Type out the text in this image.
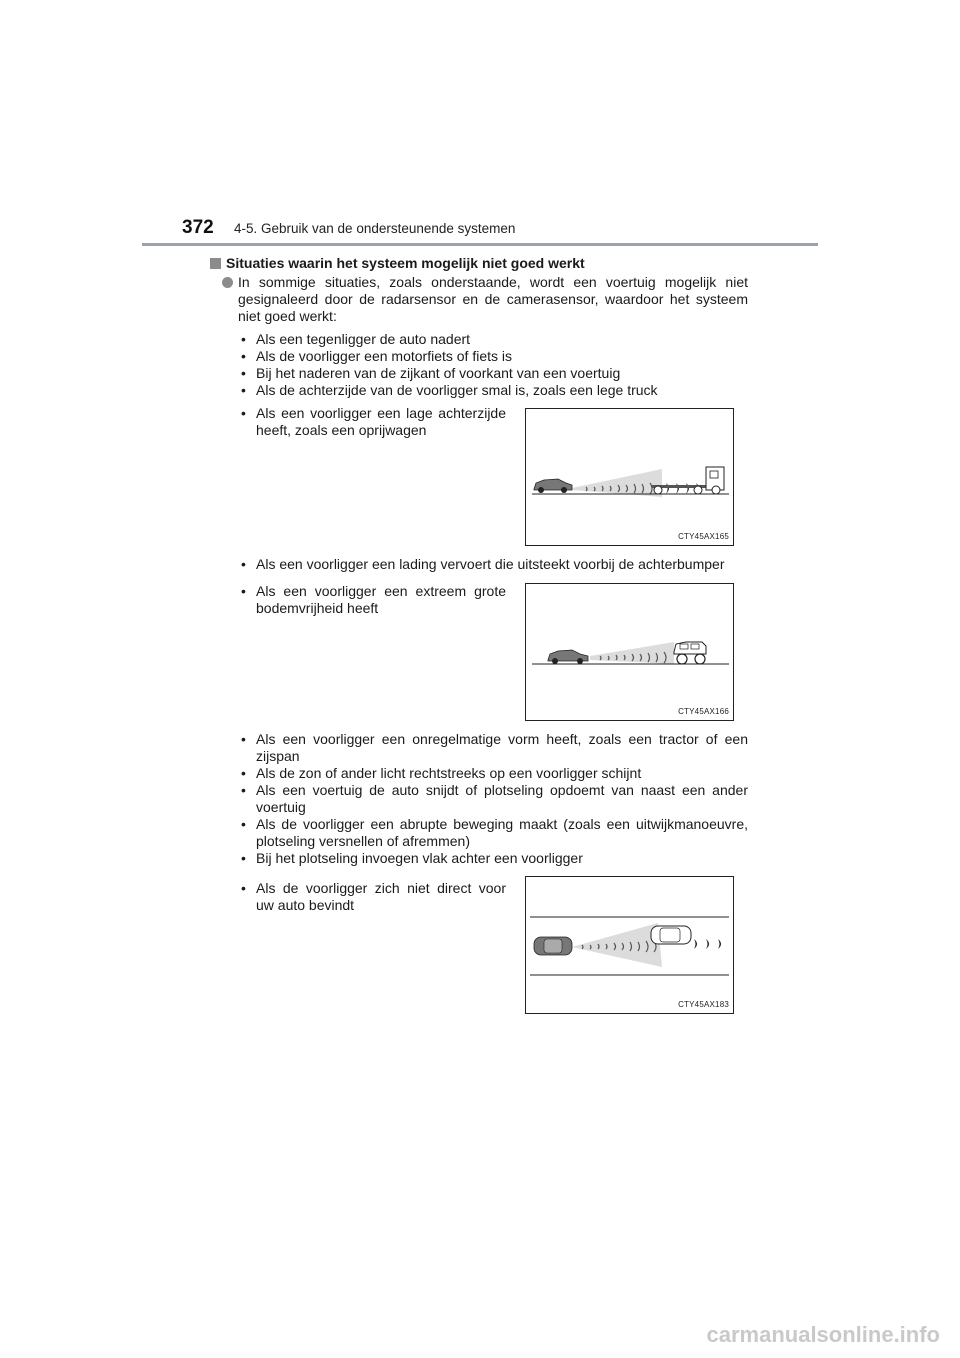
372 4-5. Gebruik van de ondersteunende systemen
Situaties waarin het systeem mogelijk niet goed werkt
In sommige situaties, zoals onderstaande, wordt een voertuig mogelijk niet gesignaleerd door de radarsensor en de camerasensor, waardoor het systeem niet goed werkt:
• Als een tegenligger de auto nadert
• Als de voorligger een motorfiets of fiets is
• Bij het naderen van de zijkant of voorkant van een voertuig
• Als de achterzijde van de voorligger smal is, zoals een lege truck
• Als een voorligger een lage achterzijde heeft, zoals een oprijwagen
CTY45AX165
• Als een voorligger een lading vervoert die uitsteekt voorbij de achterbumper
• Als een voorligger een extreem grote bodemvrijheid heeft
CTY45AX166
• Als een voorligger een onregelmatige vorm heeft, zoals een tractor of een zijspan
• Als de zon of ander licht rechtstreeks op een voorligger schijnt
• Als een voertuig de auto snijdt of plotseling opdoemt van naast een ander voertuig
• Als de voorligger een abrupte beweging maakt (zoals een uitwijkmanoeuvre, plotseling versnellen of afremmen)
• Bij het plotseling invoegen vlak achter een voorligger
• Als de voorligger zich niet direct voor uw auto bevindt
CTY45AX183
carmanualsonline.info
